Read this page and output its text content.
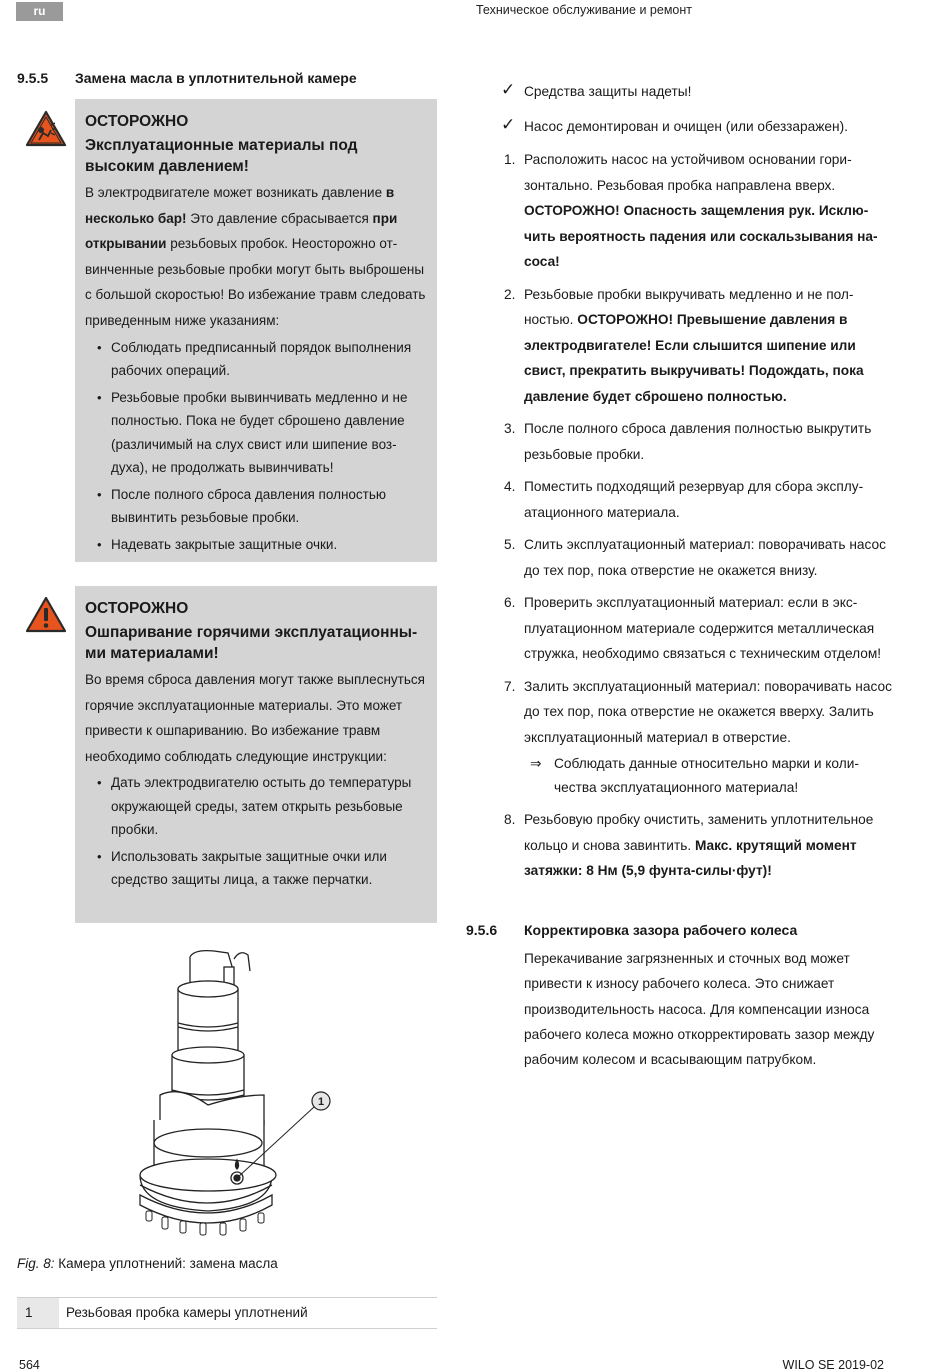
ru	Техническое обслуживание и ремонт
9.5.5 Замена масла в уплотнительной камере
ОСТОРОЖНО
Эксплуатационные материалы под высоким давлением!
В электродвигателе может возникать давление в несколько бар! Это давление сбрасывается при открывании резьбовых пробок. Неосторожно отвинченные резьбовые пробки могут быть выброшены с большой скоростью! Во избежание травм следовать приведенным ниже указаниям:
• Соблюдать предписанный порядок выполнения рабочих операций.
• Резьбовые пробки вывинчивать медленно и не полностью. Пока не будет сброшено давление (различимый на слух свист или шипение воздуха), не продолжать вывинчивать!
• После полного сброса давления полностью вывинтить резьбовые пробки.
• Надевать закрытые защитные очки.
ОСТОРОЖНО
Ошпаривание горячими эксплуатационными материалами!
Во время сброса давления могут также выплеснуться горячие эксплуатационные материалы. Это может привести к ошпариванию. Во избежание травм необходимо соблюдать следующие инструкции:
• Дать электродвигателю остыть до температуры окружающей среды, затем открыть резьбовые пробки.
• Использовать закрытые защитные очки или средство защиты лица, а также перчатки.
1
Fig. 8: Камера уплотнений: замена масла
1	Резьбовая пробка камеры уплотнений
✓ Средства защиты надеты!
✓ Насос демонтирован и очищен (или обеззаражен).
1. Расположить насос на устойчивом основании горизонтально. Резьбовая пробка направлена вверх. ОСТОРОЖНО! Опасность защемления рук. Исключить вероятность падения или соскальзывания насоса!
2. Резьбовые пробки выкручивать медленно и не полностью. ОСТОРОЖНО! Превышение давления в электродвигателе! Если слышится шипение или свист, прекратить выкручивать! Подождать, пока давление будет сброшено полностью.
3. После полного сброса давления полностью выкрутить резьбовые пробки.
4. Поместить подходящий резервуар для сбора эксплуатационного материала.
5. Слить эксплуатационный материал: поворачивать насос до тех пор, пока отверстие не окажется внизу.
6. Проверить эксплуатационный материал: если в эксплуатационном материале содержится металлическая стружка, необходимо связаться с техническим отделом!
7. Залить эксплуатационный материал: поворачивать насос до тех пор, пока отверстие не окажется вверху. Залить эксплуатационный материал в отверстие.
⇒ Соблюдать данные относительно марки и количества эксплуатационного материала!
8. Резьбовую пробку очистить, заменить уплотнительное кольцо и снова завинтить. Макс. крутящий момент затяжки: 8 Нм (5,9 фунта-силы·фут)!
9.5.6 Корректировка зазора рабочего колеса
Перекачивание загрязненных и сточных вод может привести к износу рабочего колеса. Это снижает производительность насоса. Для компенсации износа рабочего колеса можно откорректировать зазор между рабочим колесом и всасывающим патрубком.
564	WILO SE 2019-02
